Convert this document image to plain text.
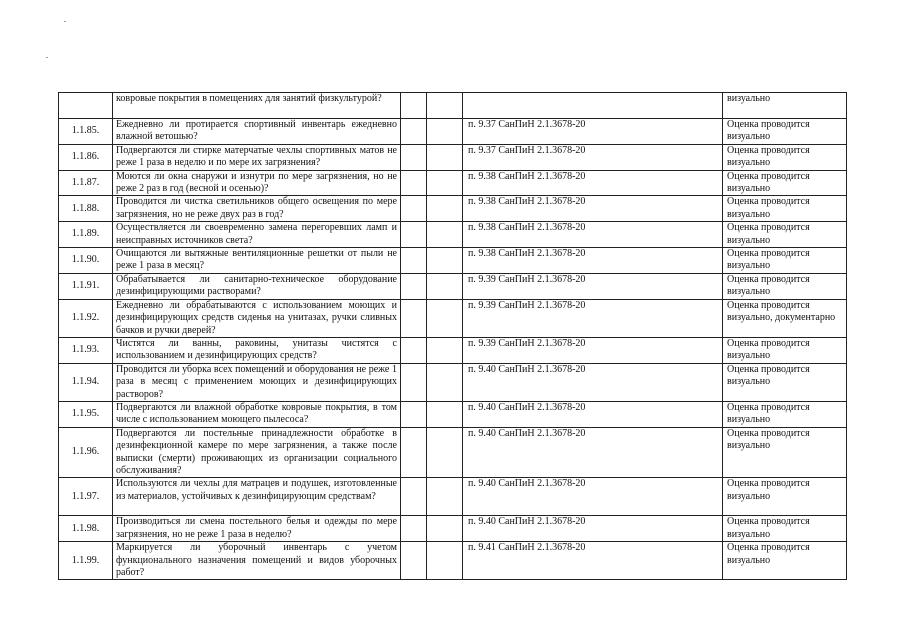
	ковровые покрытия в помещениях для занятий физкультурой?				визуально
1.1.85.	Ежедневно ли протирается спортивный инвентарь ежедневно влажной ветошью?			п. 9.37 СанПиН 2.1.3678-20	Оценка проводится визуально
1.1.86.	Подвергаются ли стирке матерчатые чехлы спортивных матов не реже 1 раза в неделю и по мере их загрязнения?			п. 9.37 СанПиН 2.1.3678-20	Оценка проводится визуально
1.1.87.	Моются ли окна снаружи и изнутри по мере загрязнения, но не реже 2 раз в год (весной и осенью)?			п. 9.38 СанПиН 2.1.3678-20	Оценка проводится визуально
1.1.88.	Проводится ли чистка светильников общего освещения по мере загрязнения, но не реже двух раз в год?			п. 9.38 СанПиН 2.1.3678-20	Оценка проводится визуально
1.1.89.	Осуществляется ли своевременно замена перегоревших ламп и неисправных источников света?			п. 9.38 СанПиН 2.1.3678-20	Оценка проводится визуально
1.1.90.	Очищаются ли вытяжные вентиляционные решетки от пыли не реже 1 раза в месяц?			п. 9.38 СанПиН 2.1.3678-20	Оценка проводится визуально
1.1.91.	Обрабатывается ли санитарно-техническое оборудование дезинфицирующими растворами?			п. 9.39 СанПиН 2.1.3678-20	Оценка проводится визуально
1.1.92.	Ежедневно ли обрабатываются с использованием моющих и дезинфицирующих средств сиденья на унитазах, ручки сливных бачков и ручки дверей?			п. 9.39 СанПиН 2.1.3678-20	Оценка проводится визуально, документарно
1.1.93.	Чистятся ли ванны, раковины, унитазы чистятся с использованием и дезинфицирующих средств?			п. 9.39 СанПиН 2.1.3678-20	Оценка проводится визуально
1.1.94.	Проводится ли уборка всех помещений и оборудования не реже 1 раза в месяц с применением моющих и дезинфицирующих растворов?			п. 9.40 СанПиН 2.1.3678-20	Оценка проводится визуально
1.1.95.	Подвергаются ли влажной обработке ковровые покрытия, в том числе с использованием моющего пылесоса?			п. 9.40 СанПиН 2.1.3678-20	Оценка проводится визуально
1.1.96.	Подвергаются ли постельные принадлежности обработке в дезинфекционной камере по мере загрязнения, а также после выписки (смерти) проживающих из организации социального обслуживания?			п. 9.40 СанПиН 2.1.3678-20	Оценка проводится визуально
1.1.97.	Используются ли чехлы для матрацев и подушек, изготовленные из материалов, устойчивых к дезинфицирующим средствам?			п. 9.40 СанПиН 2.1.3678-20	Оценка проводится визуально
1.1.98.	Производиться ли смена постельного белья и одежды по мере загрязнения, но не реже 1 раза в неделю?			п. 9.40 СанПиН 2.1.3678-20	Оценка проводится визуально
1.1.99.	Маркируется ли уборочный инвентарь с учетом функционального назначения помещений и видов уборочных работ?			п. 9.41 СанПиН 2.1.3678-20	Оценка проводится визуально
